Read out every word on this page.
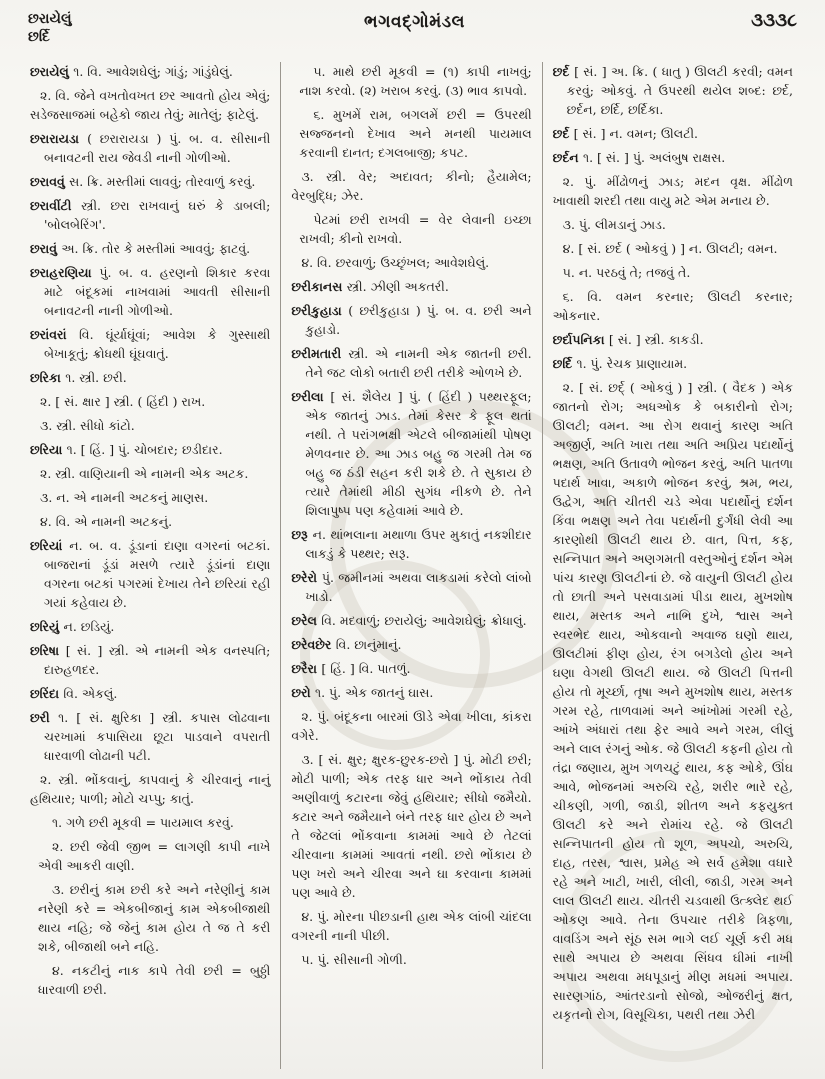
છરાયેલું
છર્દિ
ભગવદ્ગોમંડલ	૩૩૩૮

છરાયેલું ૧. વિ. આવેશઘેલું; ગાંડું; ગાંડુંઘેલું.

૨. વિ. જેને વખતોવખત છર આવતો હોય એવું; સડેજસાજમાં બહેકો જાય તેવું; માતેલું; ફાટેલું.

છરારાયડા ( છરારાયડા ) પું. બ. વ. સીસાની બનાવટની રાય જેવડી નાની ગોળીઓ.

છરાવવું સ. ક્રિ. મસ્તીમાં લાવવું; તોરવાળું કરવું.

છરાવીંટી સ્ત્રી. છરા રાખવાનું ઘરું કે ડાબલી; 'બોલબેરિંગ'.

છરાવું અ. ક્રિ. તોર કે મસ્તીમાં આવવું; ફાટવું.

છરાહરણિયા પું. બ. વ. હરણનો શિકાર કરવા માટે બંદૂકમાં નાખવામાં આવતી સીસાની બનાવટની નાની ગોળીઓ.

છરાંવરાં વિ. ઘૂંર્યાઘૂંવાં; આવેશ કે ગુસ્સાથી બેખાકૂતું; ક્રોધથી ઘૂંઘવાતું.

છરિકા ૧. સ્ત્રી. છરી.

૨. [ સં. ક્ષાર ] સ્ત્રી. ( હિંદી ) રાખ.

૩. સ્ત્રી. સીધો કાંટો.

છરિયા ૧. [ હિં. ] પું. ચોબદાર; છડીદાર.

૨. સ્ત્રી. વાણિયાની એ નામની એક અટક.

૩. ન. એ નામની અટકનું માણસ.

૪. વિ. એ નામની અટકનું.

છરિયાં ન. બ. વ. ડૂંડાનાં દાણા વગરનાં બટકાં. બાજરાનાં ડૂંડાં મસળે ત્યારે ડૂંડાંનાં દાણા વગરના બટકાં પગરમાં દેખાય તેને છરિયાં રહી ગયાં કહેવાય છે.

છરિયું ન. છડિયું.

છરિષા [ સં. ] સ્ત્રી. એ નામની એક વનસ્પતિ; દારુહળદર.

છરિંદા વિ. એકલું.

છરી ૧. [ સં. ક્ષુરિકા ] સ્ત્રી. કપાસ લોઢવાના ચરખામાં કપાસિયા છૂટા પાડવાને વપરાતી ધારવાળી લોઢાની પટી.

૨. સ્ત્રી. ભોંકવાનું, કાપવાનું કે ચીરવાનું નાનું હથિયાર; પાળી; મોટો ચપ્પુ; કાતું.

૧. ગળે છરી મૂકવી = પાયમાલ કરવું.

૨. છરી જેવી જીભ = લાગણી કાપી નાખે એવી આકરી વાણી.

૩. છરીનું કામ છરી કરે અને નરેણીનું કામ નરેણી કરે = એકબીજાનું કામ એકબીજાથી થાય નહિ; જે જેનું કામ હોય તે જ તે કરી શકે, બીજાથી બને નહિ.

૪. નકટીનું નાક કાપે તેવી છરી = બુઠ્ઠી ધારવાળી છરી.

૫. માથે છરી મૂકવી = (૧) કાપી નાખવું; નાશ કરવો. (૨) ખરાબ કરવું. (૩) ભાવ કાપવો.

૬. મુખમેં રામ, બગલમેં છરી = ઉપરથી સજ્જનનો દેખાવ અને મનથી પાયમાલ કરવાની દાનત; દગલબાજી; કપટ.

૩. સ્ત્રી. વેર; અદાવત; કીનો; હૈયામેલ; વેરબુદ્ધિ; ઝેર.

પેટમાં છરી રાખવી = વેર લેવાની ઇચ્છા રાખવી; કીનો રાખવો.

૪. વિ. છરવાળું; ઉચ્છૃંખલ; આવેશઘેલું.

છરીકાનસ સ્ત્રી. ઝીણી અકતરી.

છરીકુહાડા ( છરીકુહાડા ) પું. બ. વ. છરી અને કુહાડો.

છરીમતારી સ્ત્રી. એ નામની એક જાતની છરી. તેને જટ લોકો બતારી છરી તરીકે ઓળખે છે.

છરીલા [ સં. શૈલેય ] પું. ( હિંદી ) પથ્થરફૂલ; એક જાતનું ઝાડ. તેમાં કેસર કે ફૂલ થતાં નથી. તે પરાંગભક્ષી એટલે બીજામાંથી પોષણ મેળવનાર છે. આ ઝાડ બહુ જ ગરમી તેમ જ બહુ જ ઠંડી સહન કરી શકે છે. તે સુકાય છે ત્યારે તેમાંથી મીઠી સુગંધ નીકળે છે. તેને શિલાપુષ્પ પણ કહેવામાં આવે છે.

છરૂ ન. થાંભલાના મથાળા ઉપર મુકાતું નકશીદાર લાકડું કે પથ્થર; સરૂ.

છરેરો પું. જમીનમાં અથવા લાકડામાં કરેલો લાંબો ખાડો.

છરેલ વિ. મદવાળું; છરાયેલું; આવેશઘેલું; ક્રોધાલું.

છરેવછેર વિ. છાનુંમાનું.

છરૈરા [ હિં. ] વિ. પાતળું.

છરો ૧. પું. એક જાતનું ઘાસ.

૨. પું. બંદૂકના બારમાં ઊડે એવા ખીલા, કાંકરા વગેરે.

૩. [ સં. ક્ષુર; ક્ષુરક-છુરક-છરો ] પું. મોટી છરી; મોટી પાળી; એક તરફ ધાર અને ભોંકાય તેવી અણીવાળું કટારના જેવું હથિયાર; સીધો જમૈયો. કટાર અને જમૈયાને બંને તરફ ધાર હોય છે અને તે જેટલાં ભોંકવાના કામમાં આવે છે તેટલાં ચીરવાના કામમાં આવતાં નથી. છરો ભોંકાય છે પણ ખરો અને ચીરવા અને ઘા કરવાના કામમાં પણ આવે છે.

૪. પું. મોરના પીછડાની હાથ એક લાંબી ચાંદલા વગરની નાની પીછી.

૫. પું. સીસાની ગોળી.

છર્દ [ સં. ] અ. ક્રિ. ( ધાતુ ) ઊલટી કરવી; વમન કરવું; ઓકવું. તે ઉપરથી થયેલ શબ્દ: છર્દ, છર્દન, છર્દિ, છર્દિકા.

છર્દ [ સં. ] ન. વમન; ઊલટી.

છર્દન ૧. [ સં. ] પું. અલંબુષ રાક્ષસ.

૨. પું. મીંઢોળનું ઝાડ; મદન વૃક્ષ. મીંઢોળ ખાવાથી શરદી તથા વાયુ મટે એમ મનાય છે.

૩. પું. લીમડાનું ઝાડ.

૪. [ સં. છર્દ ( ઓકવું ) ] ન. ઊલટી; વમન.

૫. ન. પરઠવું તે; તજવું તે.

૬. વિ. વમન કરનાર; ઊલટી કરનાર; ઓકનાર.

છર્દાપનિકા [ સં. ] સ્ત્રી. કાકડી.

છર્દિ ૧. પું. રેચક પ્રાણાયામ.

૨. [ સં. છર્દ્ ( ઓકવું ) ] સ્ત્રી. ( વૈદક ) એક જાતનો રોગ; અધઓક કે બકારીનો રોગ; ઊલટી; વમન. આ રોગ થવાનું કારણ અતિ અજીર્ણ, અતિ ખારા તથા અતિ અપ્રિય પદાર્થોનું ભક્ષણ, અતિ ઉતાવળે ભોજન કરવું, અતિ પાતળા પદાર્થ ખાવા, અકાળે ભોજન કરવું, શ્રમ, ભય, ઉદ્વેગ, અતિ ચીતરી ચડે એવા પદાર્થોનું દર્શન કિંવા ભક્ષણ અને તેવા પદાર્થની દુર્ગંધી લેવી આ કારણોથી ઊલટી થાય છે. વાત, પિત્ત, કફ, સન્નિપાત અને અણગમતી વસ્તુઓનું દર્શન એમ પાંચ કારણ ઊલટીનાં છે. જે વાયુની ઊલટી હોય તો છાતી અને પસવાડામાં પીડા થાય, મુખશોષ થાય, મસ્તક અને નાભિ દુખે, શ્વાસ અને સ્વરભેદ થાય, ઓકવાનો અવાજ ઘણો થાય, ઊલટીમાં ફીણ હોય, રંગ બગડેલો હોય અને ઘણા વેગથી ઊલટી થાય. જે ઊલટી પિત્તની હોય તો મૂર્ચ્છા, તૃષા અને મુખશોષ થાય, મસ્તક ગરમ રહે, તાળવામાં અને આંખોમાં ગરમી રહે, આંખે અંધારાં તથા ફેર આવે અને ગરમ, લીલું અને લાલ રંગનું ઓક. જે ઊલટી કફની હોય તો તંદ્રા જણાય, મુખ ગળચટું થાય, કફ ઓકે, ઊંઘ આવે, ભોજનમાં અરુચિ રહે, શરીર ભારે રહે, ચીકણી, ગળી, જાડી, શીતળ અને કફયુક્ત ઊલટી કરે અને રોમાંચ રહે. જે ઊલટી સન્નિપાતની હોય તો શૂળ, અપચો, અરુચિ, દાહ, તરસ, શ્વાસ, પ્રમેહ એ સર્વ હમેશા વધારે રહે અને ખાટી, ખારી, લીલી, જાડી, ગરમ અને લાલ ઊલટી થાય. ચીતરી ચડવાથી ઉત્ક્લેદ થઈ ઓકણ આવે. તેના ઉપચાર તરીકે ત્રિફળા, વાવડિંગ અને સૂંઠ સમ ભાગે લઈ ચૂર્ણ કરી મધ સાથે અપાય છે અથવા સિંધવ ઘીમાં નાખી અપાય અથવા મધપૂડાનું મીણ મધમાં અપાય. સારણગાંઠ, આંતરડાનો સોજો, ઓજરીનું ક્ષત, યકૃતનો રોગ, વિસૂચિકા, પથરી તથા ઝેરી
